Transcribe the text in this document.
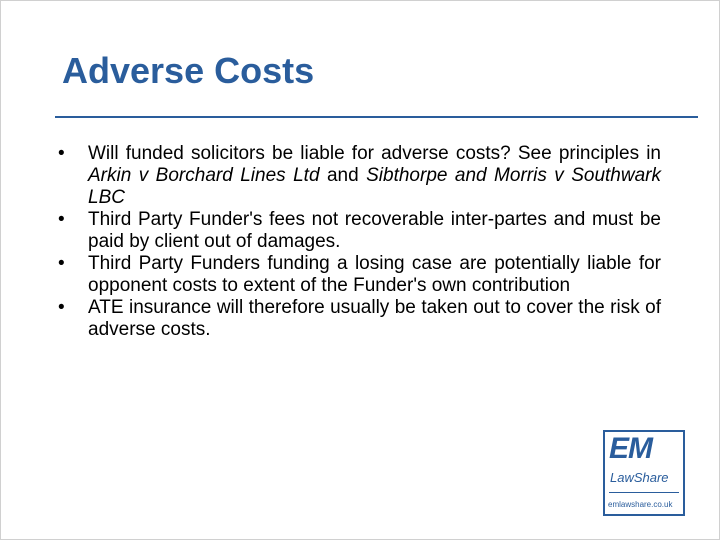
Adverse Costs
• Will funded solicitors be liable for adverse costs? See principles in Arkin v Borchard Lines Ltd and Sibthorpe and Morris v Southwark LBC
• Third Party Funder's fees not recoverable inter-partes and must be paid by client out of damages.
• Third Party Funders funding a losing case are potentially liable for opponent costs to extent of the Funder's own contribution
• ATE insurance will therefore usually be taken out to cover the risk of adverse costs.
EM
LawShare
emlawshare.co.uk
